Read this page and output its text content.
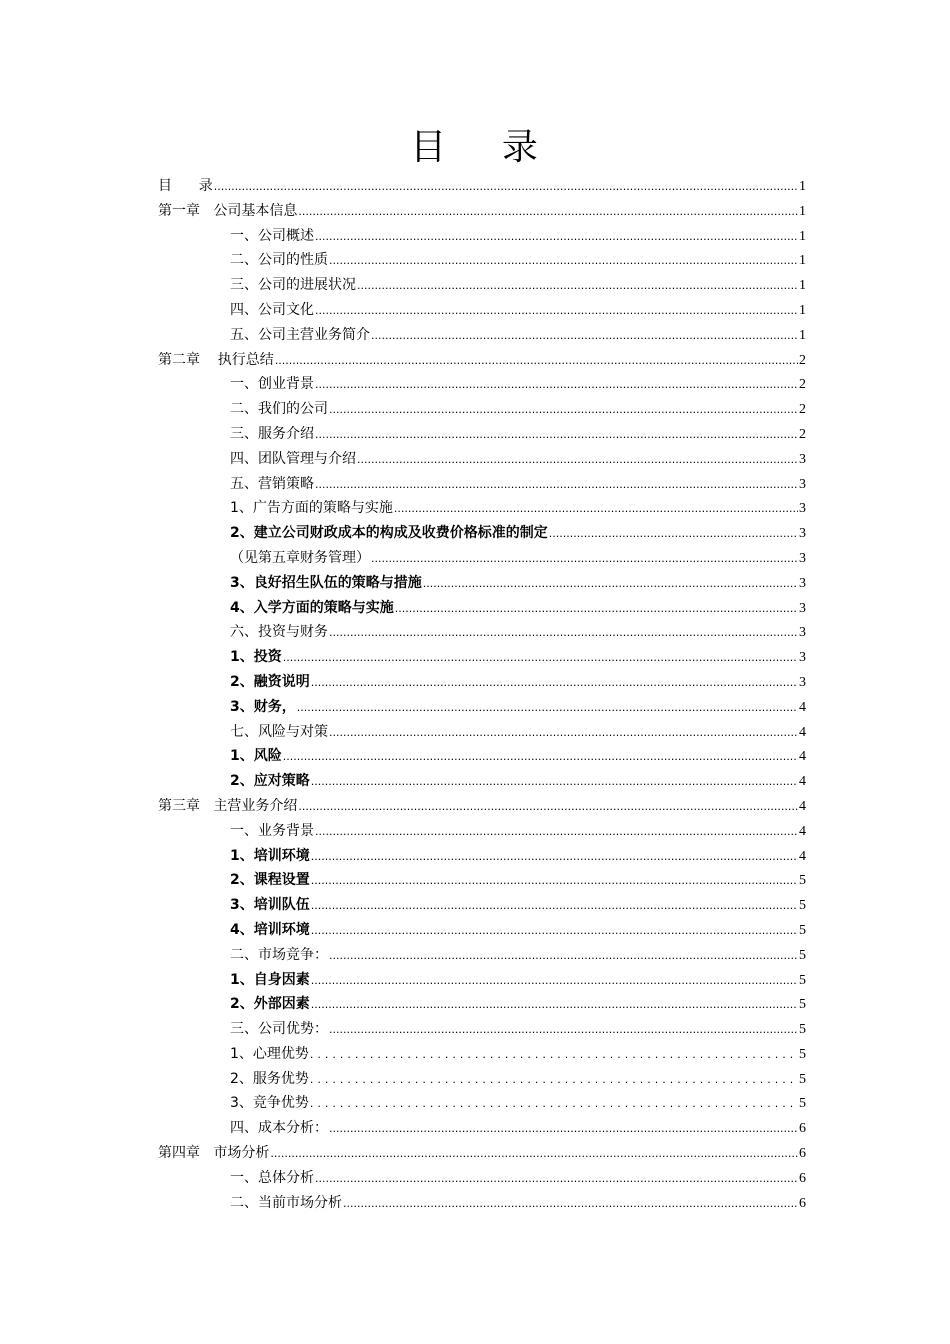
目    录
目      录 .....	1
第一章   公司基本信息 .....	1
一、公司概述 .....	1
二、公司的性质 .....	1
三、公司的进展状况 .....	1
四、公司文化 .....	1
五、公司主营业务简介 .....	1
第二章    执行总结 .....	2
一、创业背景 .....	2
二、我们的公司 .....	2
三、服务介绍 .....	2
四、团队管理与介绍 .....	3
五、营销策略 .....	3
1、广告方面的策略与实施 .....	3
2、建立公司财政成本的构成及收费价格标准的制定 .....	3
（见第五章财务管理） .....	3
3、良好招生队伍的策略与措施 .....	3
4、入学方面的策略与实施 .....	3
六、投资与财务 .....	3
1、投资 .....	3
2、融资说明 .....	3
3、财务， .....	4
七、风险与对策 .....	4
1、风险 .....	4
2、应对策略 .....	4
第三章   主营业务介绍 .....	4
一、业务背景 .....	4
1、培训环境 .....	4
2、课程设置 .....	5
3、培训队伍 .....	5
4、培训环境 .....	5
二、市场竞争： .....	5
1、自身因素 .....	5
2、外部因素 .....	5
三、公司优势： .....	5
1、心理优势 .....	5
2、服务优势 .....	5
3、竞争优势 .....	5
四、成本分析： .....	6
第四章   市场分析 .....	6
一、总体分析 .....	6
二、当前市场分析 .....	6
